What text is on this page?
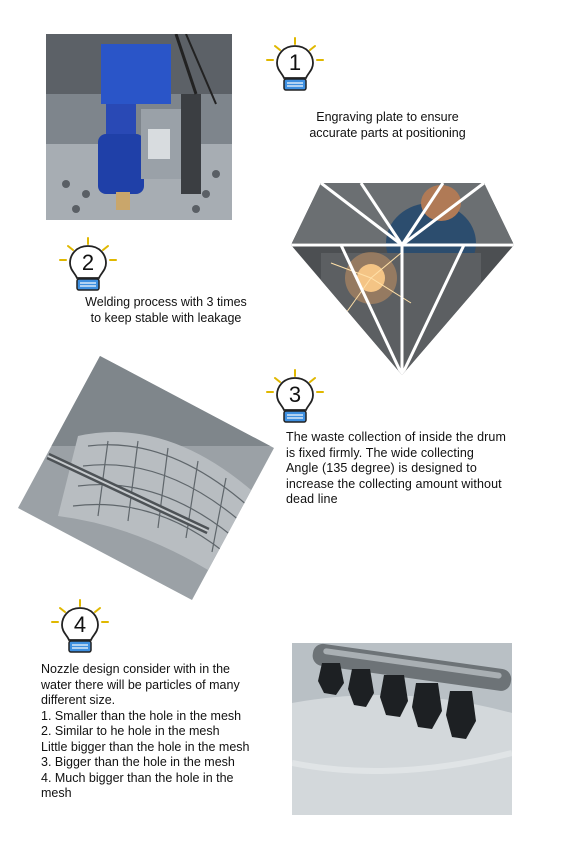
1
Engraving plate to ensure
accurate parts at positioning
2
Welding process with 3 times
to keep stable with leakage
3
The waste collection of inside the drum
is fixed firmly. The wide collecting
Angle (135 degree) is designed to
increase the collecting amount without
dead line
4
Nozzle design consider with in the
water there will be particles of many
different size.
1. Smaller than the hole in the mesh
2. Similar to he hole in the mesh
Little bigger than the hole in the mesh
3. Bigger than the hole in the mesh
4. Much bigger than the hole in the
mesh
